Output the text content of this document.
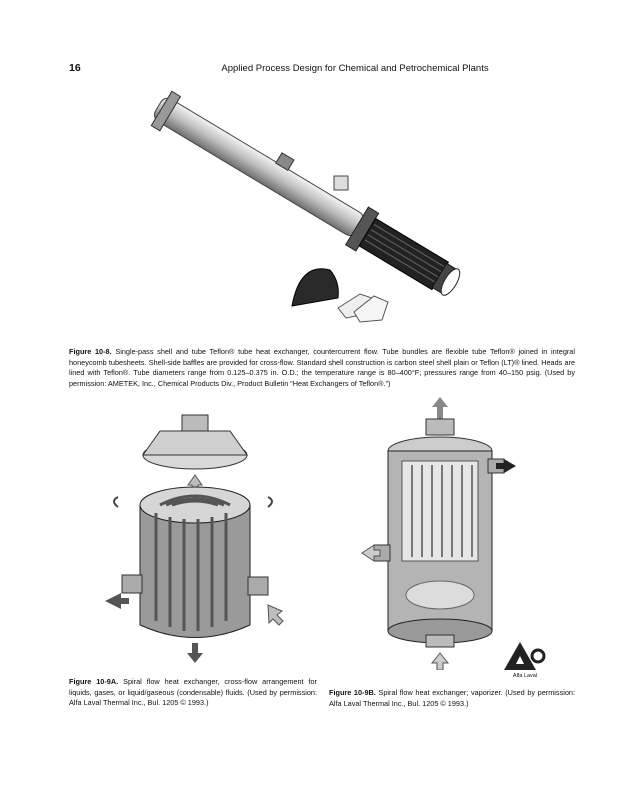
16	Applied Process Design for Chemical and Petrochemical Plants
Figure 10-8. Single-pass shell and tube Teflon® tube heat exchanger, countercurrent flow. Tube bundles are flexible tube Teflon® joined in integral honeycomb tubesheets. Shell-side baffles are provided for cross-flow. Standard shell construction is carbon steel shell plain or Teflon (LT)® lined. Heads are lined with Teflon®. Tube diameters range from 0.125–0.375 in. O.D.; the temperature range is 80–400°F; pressures range from 40–150 psig. (Used by permission: AMETEK, Inc., Chemical Products Div., Product Bulletin “Heat Exchangers of Teflon®.”)
Alfa Laval
Figure 10-9A. Spiral flow heat exchanger, cross-flow arrangement for liquids, gases, or liquid/gaseous (condensable) fluids. (Used by permission: Alfa Laval Thermal Inc., Bul. 1205 © 1993.)
Figure 10-9B. Spiral flow heat exchanger; vaporizer. (Used by permission: Alfa Laval Thermal Inc., Bul. 1205 © 1993.)
